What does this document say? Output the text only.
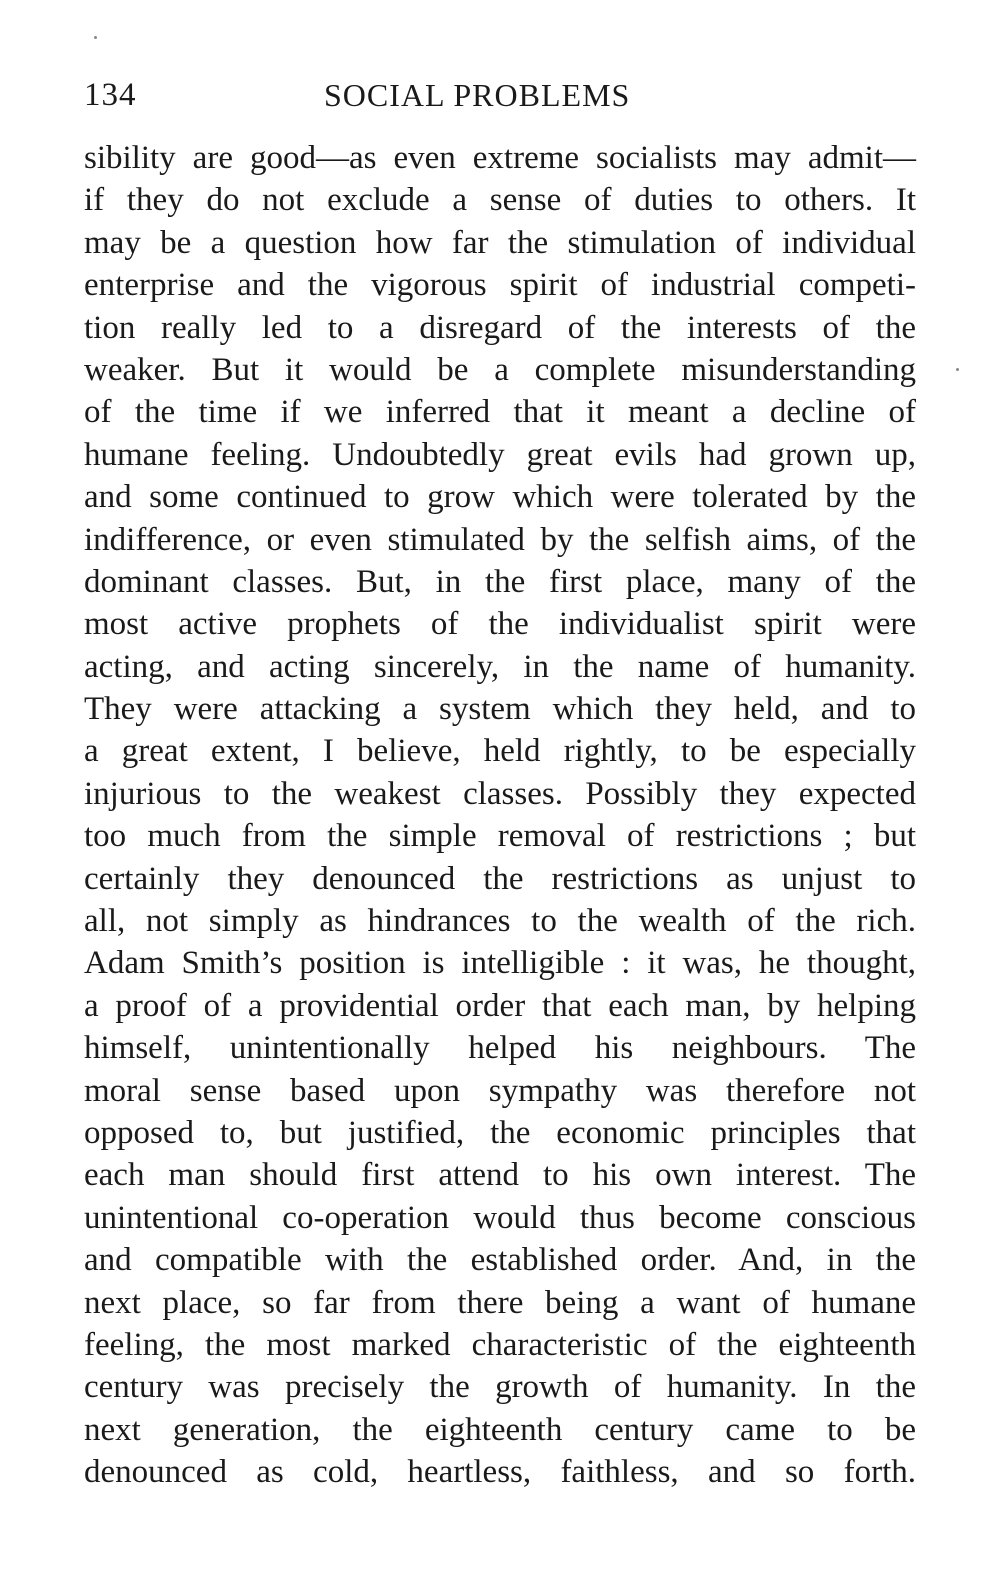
134	SOCIAL PROBLEMS
sibility are good—as even extreme socialists may admit—
if they do not exclude a sense of duties to others. It
may be a question how far the stimulation of individual
enterprise and the vigorous spirit of industrial competi-
tion really led to a disregard of the interests of the
weaker. But it would be a complete misunderstanding
of the time if we inferred that it meant a decline of
humane feeling. Undoubtedly great evils had grown up,
and some continued to grow which were tolerated by the
indifference, or even stimulated by the selfish aims, of the
dominant classes. But, in the first place, many of the
most active prophets of the individualist spirit were
acting, and acting sincerely, in the name of humanity.
They were attacking a system which they held, and to
a great extent, I believe, held rightly, to be especially
injurious to the weakest classes. Possibly they expected
too much from the simple removal of restrictions ; but
certainly they denounced the restrictions as unjust to
all, not simply as hindrances to the wealth of the rich.
Adam Smith’s position is intelligible : it was, he thought,
a proof of a providential order that each man, by helping
himself, unintentionally helped his neighbours. The
moral sense based upon sympathy was therefore not
opposed to, but justified, the economic principles that
each man should first attend to his own interest. The
unintentional co-operation would thus become conscious
and compatible with the established order. And, in the
next place, so far from there being a want of humane
feeling, the most marked characteristic of the eighteenth
century was precisely the growth of humanity. In the
next generation, the eighteenth century came to be
denounced as cold, heartless, faithless, and so forth.
